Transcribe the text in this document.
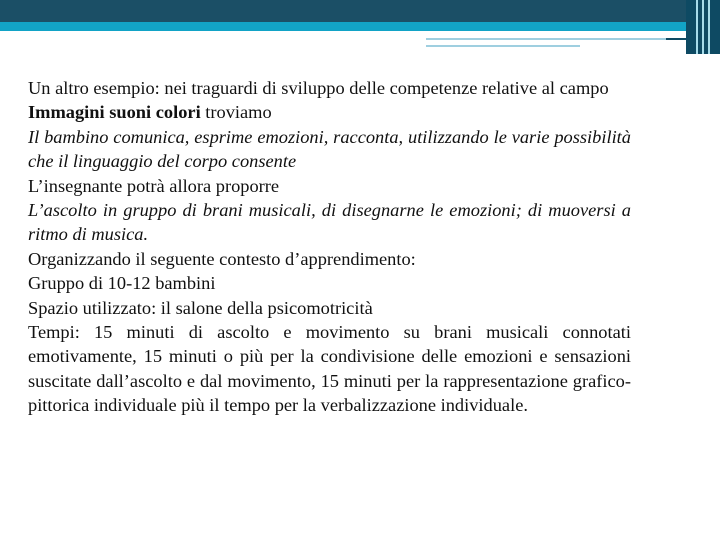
Un altro esempio: nei traguardi di sviluppo delle competenze relative al campo Immagini suoni colori troviamo

Il bambino comunica, esprime emozioni, racconta, utilizzando le varie possibilità che il linguaggio del corpo consente

L’insegnante potrà allora proporre

L’ascolto in gruppo di brani musicali, di disegnarne le emozioni; di muoversi a ritmo di musica.

Organizzando il seguente contesto d’apprendimento:

Gruppo di 10-12 bambini

Spazio utilizzato: il salone della psicomotricità

Tempi: 15 minuti di ascolto e movimento su brani musicali connotati emotivamente, 15 minuti o più per la condivisione delle emozioni e sensazioni suscitate dall’ascolto e dal movimento, 15 minuti per la rappresentazione grafico-pittorica individuale più il tempo per la verbalizzazione individuale.
